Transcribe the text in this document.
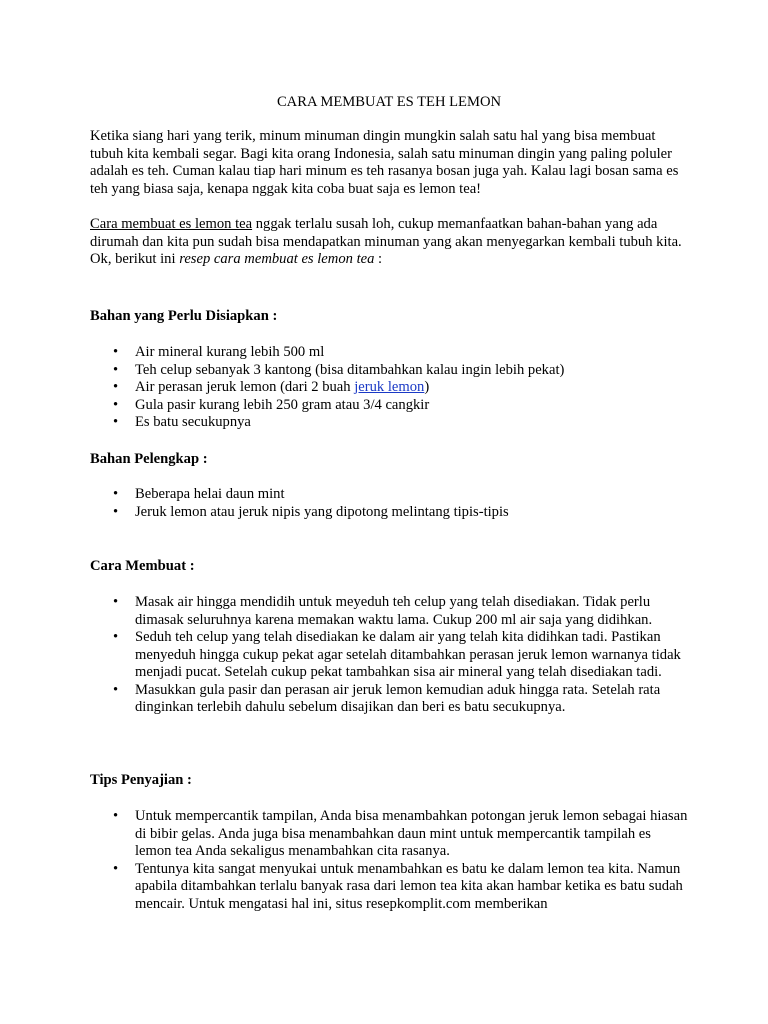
CARA MEMBUAT ES TEH LEMON

Ketika siang hari yang terik, minum minuman dingin mungkin salah satu hal yang bisa membuat tubuh kita kembali segar. Bagi kita orang Indonesia, salah satu minuman dingin yang paling poluler adalah es teh. Cuman kalau tiap hari minum es teh rasanya bosan juga yah. Kalau lagi bosan sama es teh yang biasa saja, kenapa nggak kita coba buat saja es lemon tea!

Cara membuat es lemon tea nggak terlalu susah loh, cukup memanfaatkan bahan-bahan yang ada dirumah dan kita pun sudah bisa mendapatkan minuman yang akan menyegarkan kembali tubuh kita. Ok, berikut ini resep cara membuat es lemon tea :

Bahan yang Perlu Disiapkan :
• Air mineral kurang lebih 500 ml
• Teh celup sebanyak 3 kantong (bisa ditambahkan kalau ingin lebih pekat)
• Air perasan jeruk lemon (dari 2 buah jeruk lemon)
• Gula pasir kurang lebih 250 gram atau 3/4 cangkir
• Es batu secukupnya
Bahan Pelengkap :
• Beberapa helai daun mint
• Jeruk lemon atau jeruk nipis yang dipotong melintang tipis-tipis
Cara Membuat :
• Masak air hingga mendidih untuk meyeduh teh celup yang telah disediakan. Tidak perlu dimasak seluruhnya karena memakan waktu lama. Cukup 200 ml air saja yang didihkan.
• Seduh teh celup yang telah disediakan ke dalam air yang telah kita didihkan tadi. Pastikan menyeduh hingga cukup pekat agar setelah ditambahkan perasan jeruk lemon warnanya tidak menjadi pucat. Setelah cukup pekat tambahkan sisa air mineral yang telah disediakan tadi.
• Masukkan gula pasir dan perasan air jeruk lemon kemudian aduk hingga rata. Setelah rata dinginkan terlebih dahulu sebelum disajikan dan beri es batu secukupnya.
Tips Penyajian :
• Untuk mempercantik tampilan, Anda bisa menambahkan potongan jeruk lemon sebagai hiasan di bibir gelas. Anda juga bisa menambahkan daun mint untuk mempercantik tampilah es lemon tea Anda sekaligus menambahkan cita rasanya.
• Tentunya kita sangat menyukai untuk menambahkan es batu ke dalam lemon tea kita. Namun apabila ditambahkan terlalu banyak rasa dari lemon tea kita akan hambar ketika es batu sudah mencair. Untuk mengatasi hal ini, situs resepkomplit.com memberikan
